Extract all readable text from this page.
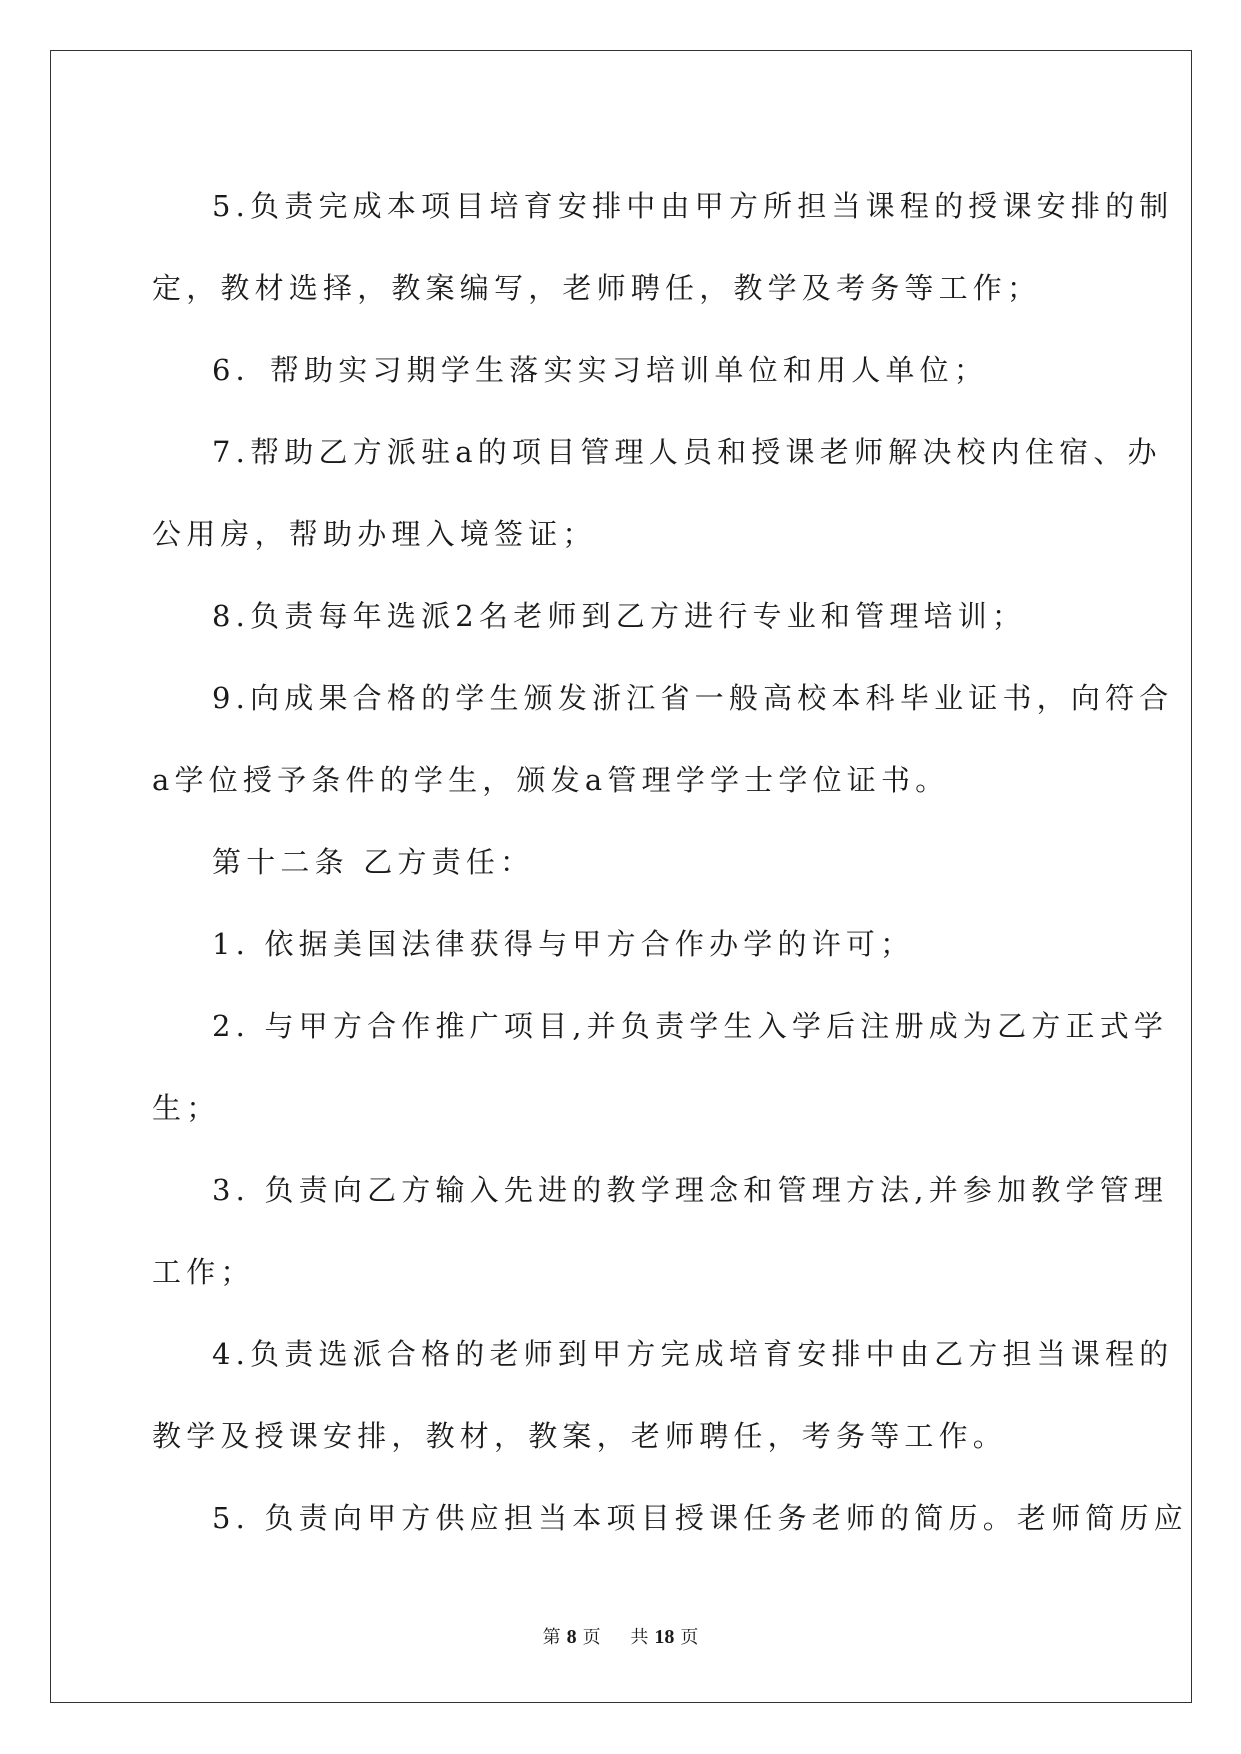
5.负责完成本项目培育安排中由甲方所担当课程的授课安排的制

定，教材选择，教案编写，老师聘任，教学及考务等工作；

6．帮助实习期学生落实实习培训单位和用人单位；

7.帮助乙方派驻a的项目管理人员和授课老师解决校内住宿、办

公用房，帮助办理入境签证；

8.负责每年选派2名老师到乙方进行专业和管理培训；

9.向成果合格的学生颁发浙江省一般高校本科毕业证书，向符合

a学位授予条件的学生，颁发a管理学学士学位证书。

第十二条 乙方责任：

1. 依据美国法律获得与甲方合作办学的许可；

2. 与甲方合作推广项目,并负责学生入学后注册成为乙方正式学

生；

3. 负责向乙方输入先进的教学理念和管理方法,并参加教学管理

工作；

4.负责选派合格的老师到甲方完成培育安排中由乙方担当课程的

教学及授课安排，教材，教案，老师聘任，考务等工作。

5. 负责向甲方供应担当本项目授课任务老师的简历。老师简历应

第 8 页 共 18 页
